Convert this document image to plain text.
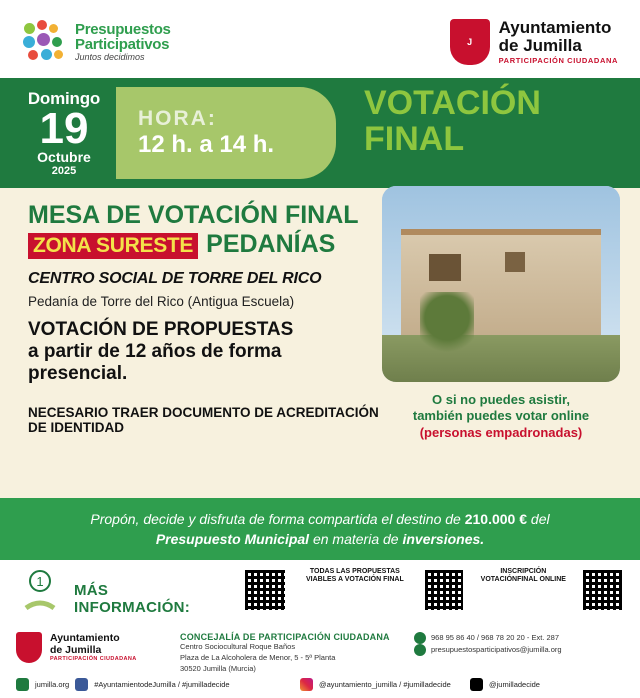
Presupuestos
Participativos
Juntos decidimos
J
Ayuntamiento
de Jumilla
PARTICIPACIÓN CIUDADANA
Domingo
19
Octubre
2025
HORA:
12 h. a 14 h.
VOTACIÓN
FINAL
MESA DE VOTACIÓN FINAL
ZONA SURESTE PEDANÍAS
CENTRO SOCIAL DE TORRE DEL RICO
Pedanía de Torre del Rico (Antigua Escuela)
VOTACIÓN DE PROPUESTAS
a partir de 12 años de forma
presencial.
NECESARIO TRAER DOCUMENTO DE ACREDITACIÓN DE IDENTIDAD
O si no puedes asistir,
también puedes votar online
(personas empadronadas)
Propón, decide y disfruta de forma compartida el destino de 210.000 € del
Presupuesto Municipal en materia de inversiones.
1
MÁS INFORMACIÓN:
TODAS LAS PROPUESTAS VIABLES A VOTACIÓN FINAL
INSCRIPCIÓN VOTACIÓNFINAL ONLINE
Ayuntamiento
de Jumilla
PARTICIPACIÓN CIUDADANA
CONCEJALÍA DE PARTICIPACIÓN CIUDADANA
Centro Sociocultural Roque Baños
Plaza de La Alcoholera de Menor, 5 - 5ª Planta
30520 Jumilla (Murcia)
968 95 86 40 / 968 78 20 20 - Ext. 287
presupuestosparticipativos@jumilla.org
jumilla.org	#AyuntamientodeJumilla / #jumilladecide	@ayuntamiento_jumilla / #jumilladecide	@jumilladecide
